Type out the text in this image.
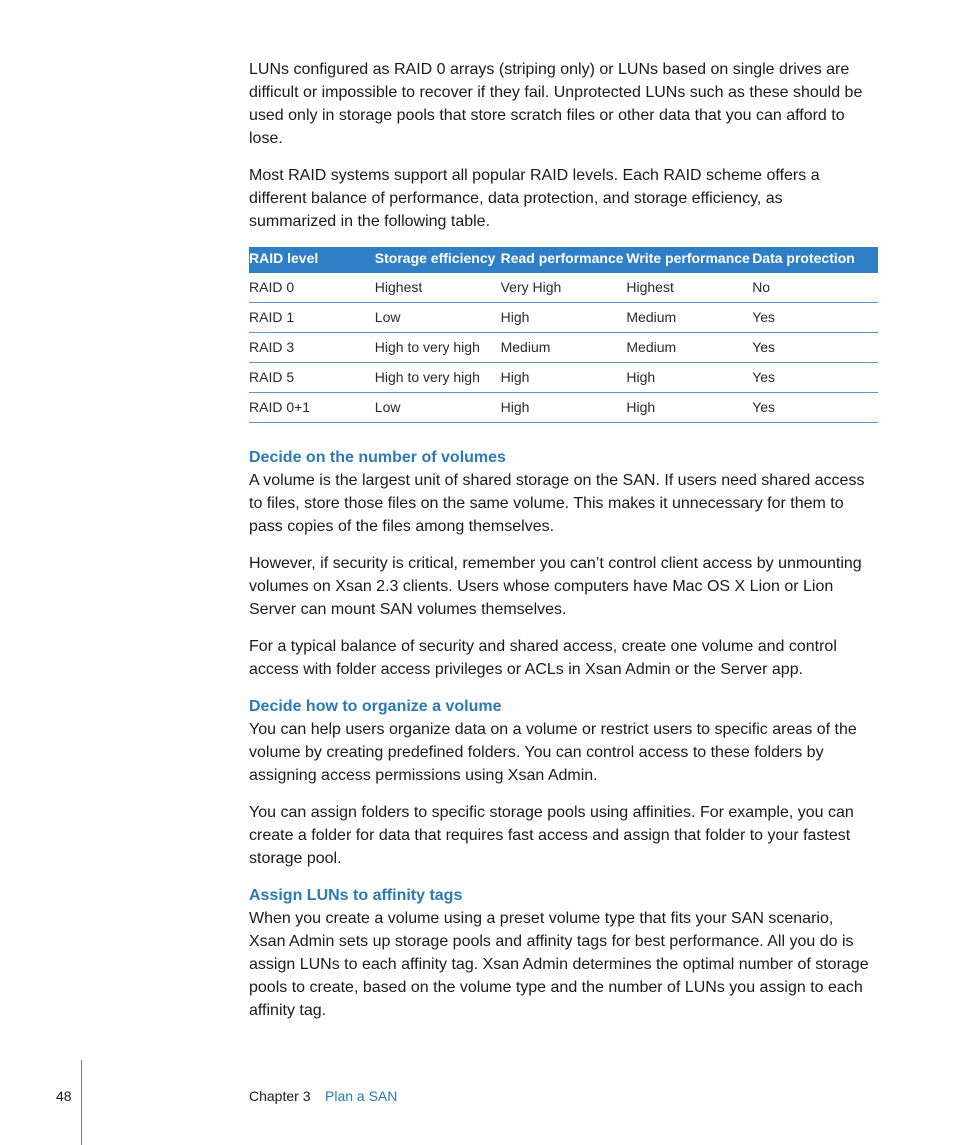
LUNs configured as RAID 0 arrays (striping only) or LUNs based on single drives are difficult or impossible to recover if they fail. Unprotected LUNs such as these should be used only in storage pools that store scratch files or other data that you can afford to lose.

Most RAID systems support all popular RAID levels. Each RAID scheme offers a different balance of performance, data protection, and storage efficiency, as summarized in the following table.

RAID level	Storage efficiency	Read performance	Write performance	Data protection
RAID 0	Highest	Very High	Highest	No
RAID 1	Low	High	Medium	Yes
RAID 3	High to very high	Medium	Medium	Yes
RAID 5	High to very high	High	High	Yes
RAID 0+1	Low	High	High	Yes
Decide on the number of volumes

A volume is the largest unit of shared storage on the SAN. If users need shared access to files, store those files on the same volume. This makes it unnecessary for them to pass copies of the files among themselves.

However, if security is critical, remember you can’t control client access by unmounting volumes on Xsan 2.3 clients. Users whose computers have Mac OS X Lion or Lion Server can mount SAN volumes themselves.

For a typical balance of security and shared access, create one volume and control access with folder access privileges or ACLs in Xsan Admin or the Server app.

Decide how to organize a volume

You can help users organize data on a volume or restrict users to specific areas of the volume by creating predefined folders. You can control access to these folders by assigning access permissions using Xsan Admin.

You can assign folders to specific storage pools using affinities. For example, you can create a folder for data that requires fast access and assign that folder to your fastest storage pool.

Assign LUNs to affinity tags

When you create a volume using a preset volume type that fits your SAN scenario, Xsan Admin sets up storage pools and affinity tags for best performance. All you do is assign LUNs to each affinity tag. Xsan Admin determines the optimal number of storage pools to create, based on the volume type and the number of LUNs you assign to each affinity tag.

48	Chapter 3 Plan a SAN
